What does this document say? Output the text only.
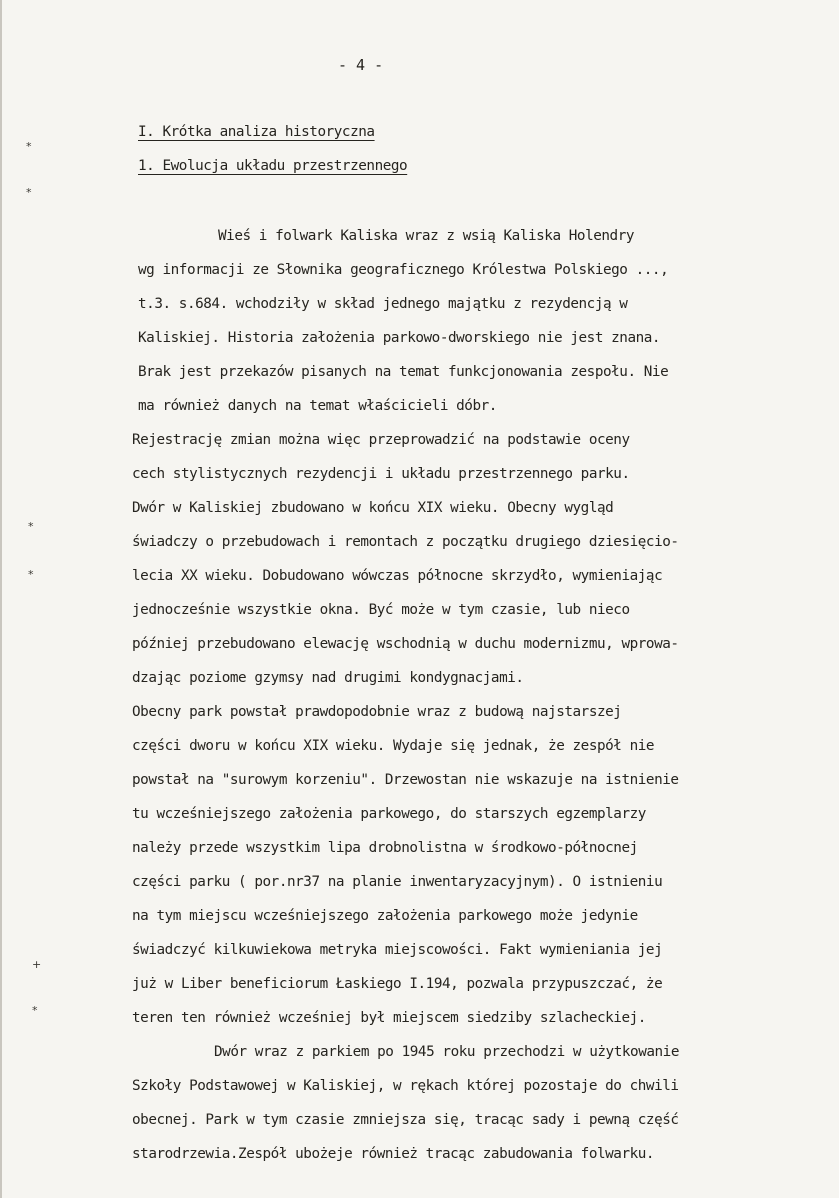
- 4 -

I. Krótka analiza historyczna

1. Ewolucja układu przestrzennego

Wieś i folwark Kaliska wraz z wsią Kaliska Holendry

wg informacji ze Słownika geograficznego Królestwa Polskiego ...,

t.3. s.684. wchodziły w skład jednego majątku z rezydencją w

Kaliskiej. Historia założenia parkowo-dworskiego nie jest znana.

Brak jest przekazów pisanych na temat funkcjonowania zespołu. Nie

ma również danych na temat właścicieli dóbr.

Rejestrację zmian można więc przeprowadzić na podstawie oceny

cech stylistycznych rezydencji i układu przestrzennego parku.

Dwór w Kaliskiej zbudowano w końcu XIX wieku. Obecny wygląd

świadczy o przebudowach i remontach z początku drugiego dziesięciо-

lecia XX wieku. Dobudowano wówczas północne skrzydło, wymieniając

jednocześnie wszystkie okna. Być może w tym czasie, lub nieco

później przebudowano elewację wschodnią w duchu modernizmu, wprowa-

dzając poziome gzymsy nad drugimi kondygnacjami.

Obecny park powstał prawdopodobnie wraz z budową najstarszej

części dworu w końcu XIX wieku. Wydaje się jednak, że zespół nie

powstał na "surowym korzeniu". Drzewostan nie wskazuje na istnienie

tu wcześniejszego założenia parkowego, do starszych egzemplarzy

należy przede wszystkim lipa drobnolistna w środkowo-północnej

części parku ( por.nr37 na planie inwentaryzacyjnym). O istnieniu

na tym miejscu wcześniejszego założenia parkowego może jedynie

świadczyć kilkuwiekowa metryka miejscowości. Fakt wymieniania jej

już w Liber beneficiorum Łaskiego I.194, pozwala przypuszczać, że

teren ten również wcześniej był miejscem siedziby szlacheckiej.

Dwór wraz z parkiem po 1945 roku przechodzi w użytkowanie

Szkoły Podstawowej w Kaliskiej, w rękach której pozostaje do chwili

obecnej. Park w tym czasie zmniejsza się, tracąc sady i pewną część

starodrzewia.Zespół ubożeje również tracąc zabudowania folwarku.

*
*
*
*
+
*
